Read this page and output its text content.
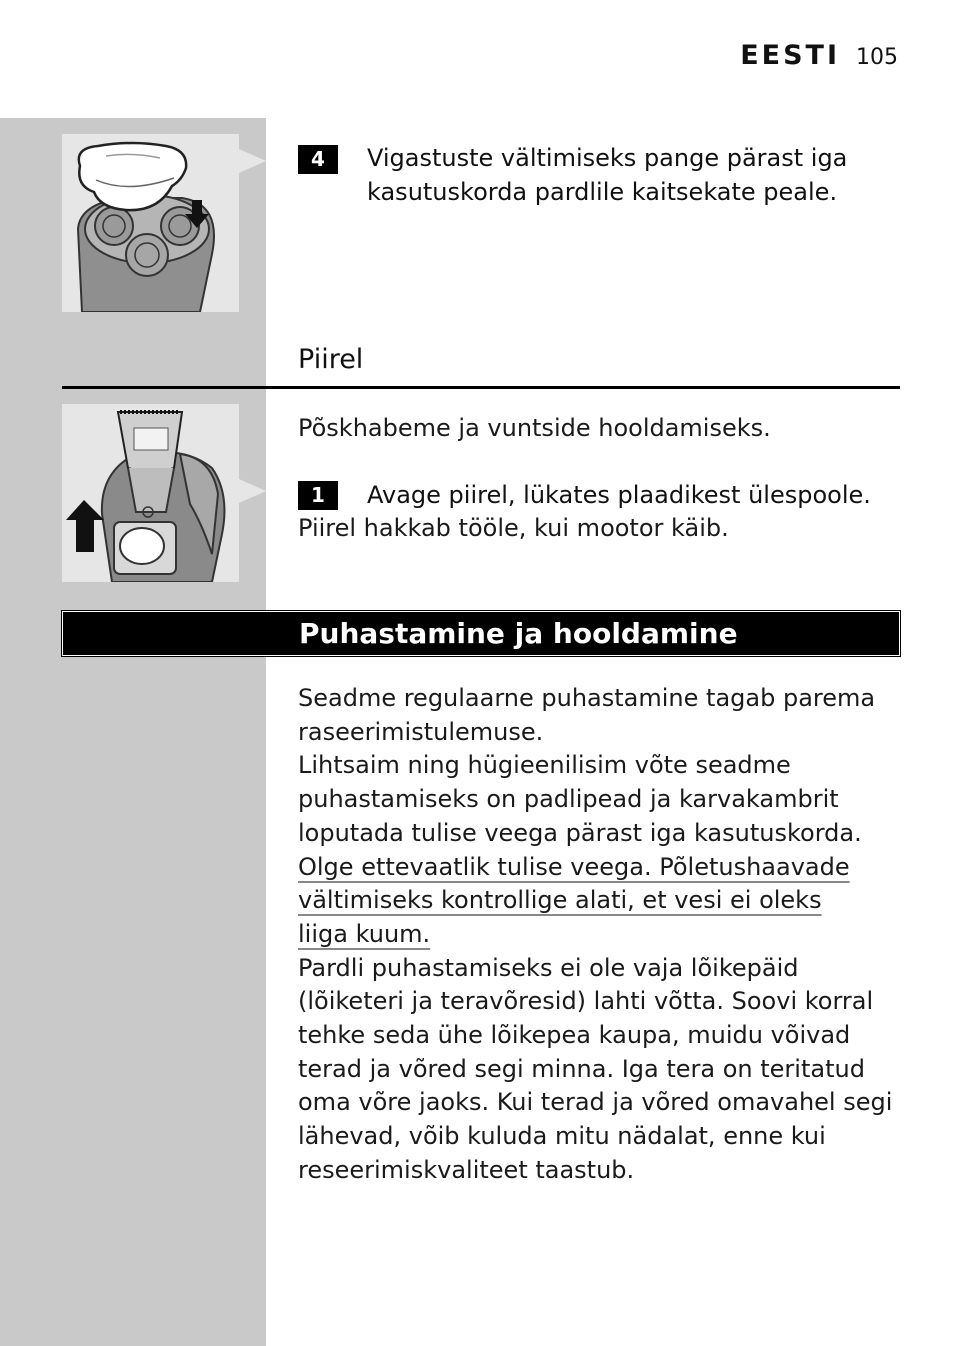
EESTI 105
4	Vigastuste vältimiseks pange pärast iga kasutuskorda pardlile kaitsekate peale.
Piirel

Põskhabeme ja vuntside hooldamiseks.

1	Avage piirel, lükates plaadikest ülespoole.

Piirel hakkab tööle, kui mootor käib.

Puhastamine ja hooldamine
Seadme regulaarne puhastamine tagab parema raseerimistulemuse.
Lihtsaim ning hügieenilisim võte seadme puhastamiseks on padlipead ja karvakambrit loputada tulise veega pärast iga kasutuskorda.
Olge ettevaatlik tulise veega. Põletushaavade vältimiseks kontrollige alati, et vesi ei oleks liiga kuum.
Pardli puhastamiseks ei ole vaja lõikepäid (lõiketeri ja teravõresid) lahti võtta. Soovi korral tehke seda ühe lõikepea kaupa, muidu võivad terad ja võred segi minna. Iga tera on teritatud oma võre jaoks. Kui terad ja võred omavahel segi lähevad, võib kuluda mitu nädalat, enne kui reseerimiskvaliteet taastub.
